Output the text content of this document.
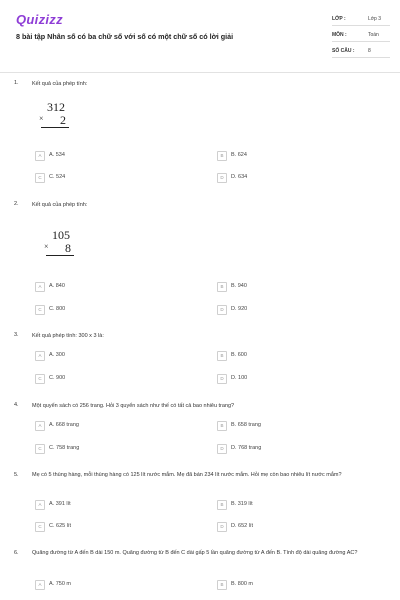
Quizizz
8 bài tập Nhân số có ba chữ số với số có một chữ số có lời giải
LỚP :	Lớp 3
MÔN :	Toán
SỐ CÂU :	8
1. Kết quả của phép tính:
312
× 2
A	A. 534	B	B. 624
C	C. 524	D	D. 634
2. Kết quả của phép tính:
105
× 8
A	A. 840	B	B. 940
C	C. 800	D	D. 920
3. Kết quả phép tính: 300 x 3 là:
A	A. 300	B	B. 600
C	C. 900	D	D. 100
4. Một quyển sách có 256 trang. Hỏi 3 quyển sách như thế có tất cả bao nhiêu trang?
A	A. 668 trang	B	B. 658 trang
C	C. 758 trang	D	D. 768 trang
5. Mẹ có 5 thùng hàng, mỗi thùng hàng có 125 lít nước mắm. Mẹ đã bán 234 lít nước mắm. Hỏi mẹ còn bao nhiêu lít nước mắm?
A	A. 391 lít	B	B. 319 lít
C	C. 625 lít	D	D. 652 lít
6. Quãng đường từ A đến B dài 150 m. Quãng đường từ B đến C dài gấp 5 lần quãng đường từ A đến B. Tính độ dài quãng đường AC?
A	A. 750 m	B	B. 800 m
